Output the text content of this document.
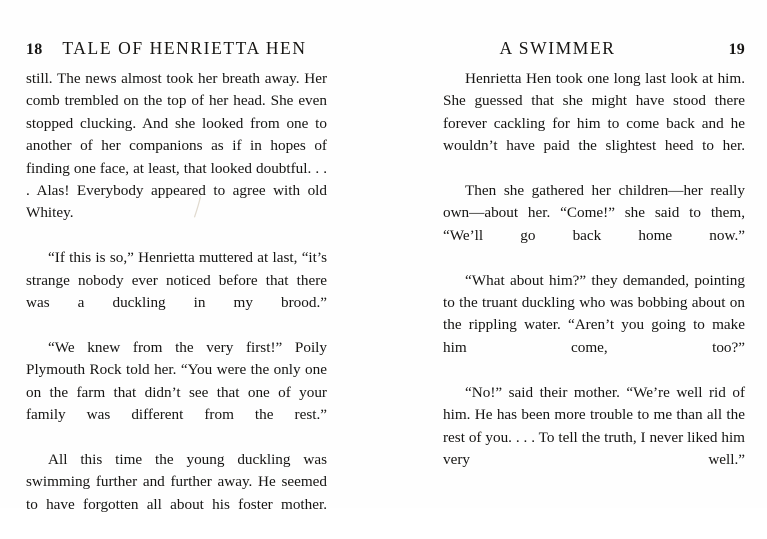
18 TALE OF HENRIETTA HEN

still. The news almost took her breath away. Her comb trembled on the top of her head. She even stopped clucking. And she looked from one to another of her companions as if in hopes of finding one face, at least, that looked doubtful. . . . Alas! Everybody appeared to agree with old Whitey.

“If this is so,” Henrietta muttered at last, “it’s strange nobody ever noticed before that there was a duckling in my brood.”

“We knew from the very first!” Poily Plymouth Rock told her. “You were the only one on the farm that didn’t see that one of your family was different from the rest.”

All this time the young duckling was swimming further and further away. He seemed to have forgotten all about his foster mother.

A SWIMMER	19

Henrietta Hen took one long last look at him. She guessed that she might have stood there forever cackling for him to come back and he wouldn’t have paid the slightest heed to her.

Then she gathered her children—her really own—about her. “Come!” she said to them, “We’ll go back home now.”

“What about him?” they demanded, pointing to the truant duckling who was bobbing about on the rippling water. “Aren’t you going to make him come, too?”

“No!” said their mother. “We’re well rid of him. He has been more trouble to me than all the rest of you. . . . To tell the truth, I never liked him very well.”
